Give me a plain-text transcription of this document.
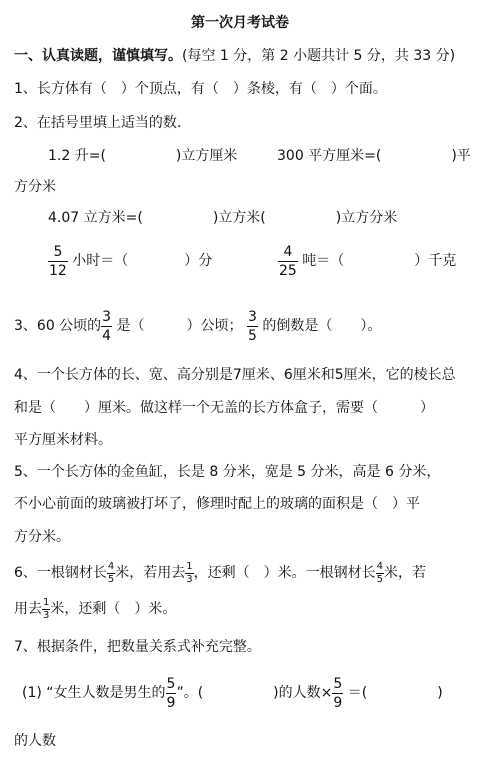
第一次月考试卷
一、认真读题，谨慎填写。(每空 1 分，第 2 小题共计 5 分，共 33 分)
1、长方体有（　）个顶点，有（　）条棱，有（　）个面。
2、在括号里填上适当的数.
1.2 升=(　　　　　)立方厘米	300 平方厘米=(　　　　　)平
方分米
4.07 立方米=(　　　　　)立方米(　　　　　)立方分米
$\frac{5}{12}$ 小时＝（　　　　）分	$\frac{4}{25}$ 吨＝（　　　　　）千克
3、60 公顷的 $\frac{3}{4}$ 是（　　　）公顷； $\frac{3}{5}$ 的倒数是（　　）。
4、一个长方体的长、宽、高分别是7厘米、6厘米和5厘米，它的棱长总
和是（　　）厘米。做这样一个无盖的长方体盒子，需要（　　　）
平方厘米材料。
5、一个长方体的金鱼缸，长是 8 分米，宽是 5 分米，高是 6 分米，
不小心前面的玻璃被打坏了，修理时配上的玻璃的面积是（　）平
方分米。
6、一根钢材长 $\frac{4}{5}$ 米，若用去 $\frac{1}{3}$ ，还剩（　）米。一根钢材长 $\frac{4}{5}$ 米，若
用去 $\frac{1}{3}$ 米，还剩（　）米。
7、根据条件，把数量关系式补充完整。
(1) “女生人数是男生的 $\frac{5}{9}$ ”。(　　　　　)的人数× $\frac{5}{9}$ ＝(　　　　　)
的人数
